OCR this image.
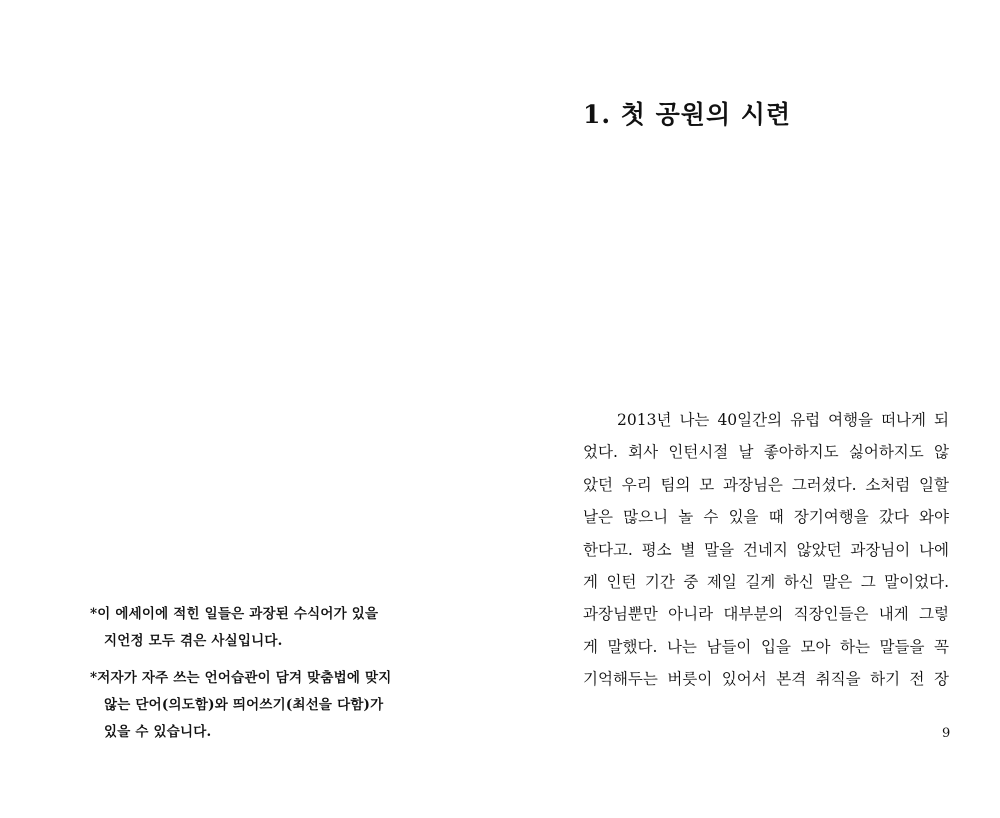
*이 에세이에 적힌 일들은 과장된 수식어가 있을
지언정 모두 겪은 사실입니다.

*저자가 자주 쓰는 언어습관이 담겨 맞춤법에 맞지
않는 단어(의도함)와 띄어쓰기(최선을 다함)가
있을 수 있습니다.

1. 첫 공원의 시련
2013년 나는 40일간의 유럽 여행을 떠나게 되
었다. 회사 인턴시절 날 좋아하지도 싫어하지도 않
았던 우리 팀의 모 과장님은 그러셨다. 소처럼 일할
날은 많으니 놀 수 있을 때 장기여행을 갔다 와야
한다고. 평소 별 말을 건네지 않았던 과장님이 나에
게 인턴 기간 중 제일 길게 하신 말은 그 말이었다.
과장님뿐만 아니라 대부분의 직장인들은 내게 그렇
게 말했다. 나는 남들이 입을 모아 하는 말들을 꼭
기억해두는 버릇이 있어서 본격 취직을 하기 전 장
9
